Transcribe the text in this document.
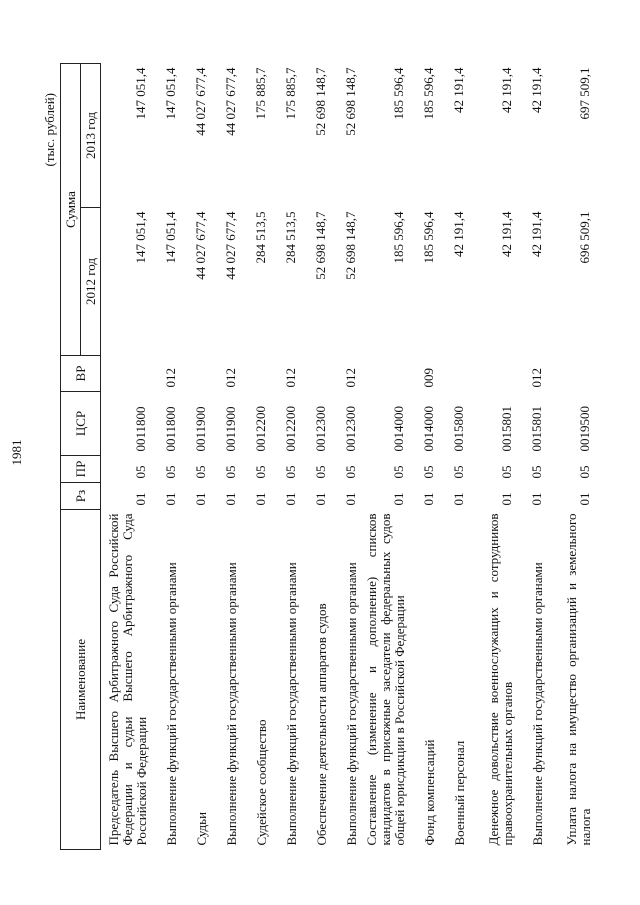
1981
(тыс. рублей)
Наименование	Рз	ПР	ЦСР	ВР	Сумма	
					2012 год	2013 год
Председатель Высшего Арбитражного Суда Российской Федерации и судьи Высшего Арбитражного Суда Российской Федерации	01	05	0011800		147 051,4	147 051,4
Выполнение функций государственными органами	01	05	0011800	012	147 051,4	147 051,4
Судьи	01	05	0011900		44 027 677,4	44 027 677,4
Выполнение функций государственными органами	01	05	0011900	012	44 027 677,4	44 027 677,4
Судейское сообщество	01	05	0012200		284 513,5	175 885,7
Выполнение функций государственными органами	01	05	0012200	012	284 513,5	175 885,7
Обеспечение деятельности аппаратов судов	01	05	0012300		52 698 148,7	52 698 148,7
Выполнение функций государственными органами	01	05	0012300	012	52 698 148,7	52 698 148,7
Составление (изменение и дополнение) списков кандидатов в присяжные заседатели федеральных судов общей юрисдикции в Российской Федерации	01	05	0014000		185 596,4	185 596,4
Фонд компенсаций	01	05	0014000	009	185 596,4	185 596,4
Военный персонал	01	05	0015800		42 191,4	42 191,4
Денежное довольствие военнослужащих и сотрудников правоохранительных органов	01	05	0015801		42 191,4	42 191,4
Выполнение функций государственными органами	01	05	0015801	012	42 191,4	42 191,4
Уплата налога на имущество организаций и земельного налога	01	05	0019500		696 509,1	697 509,1
